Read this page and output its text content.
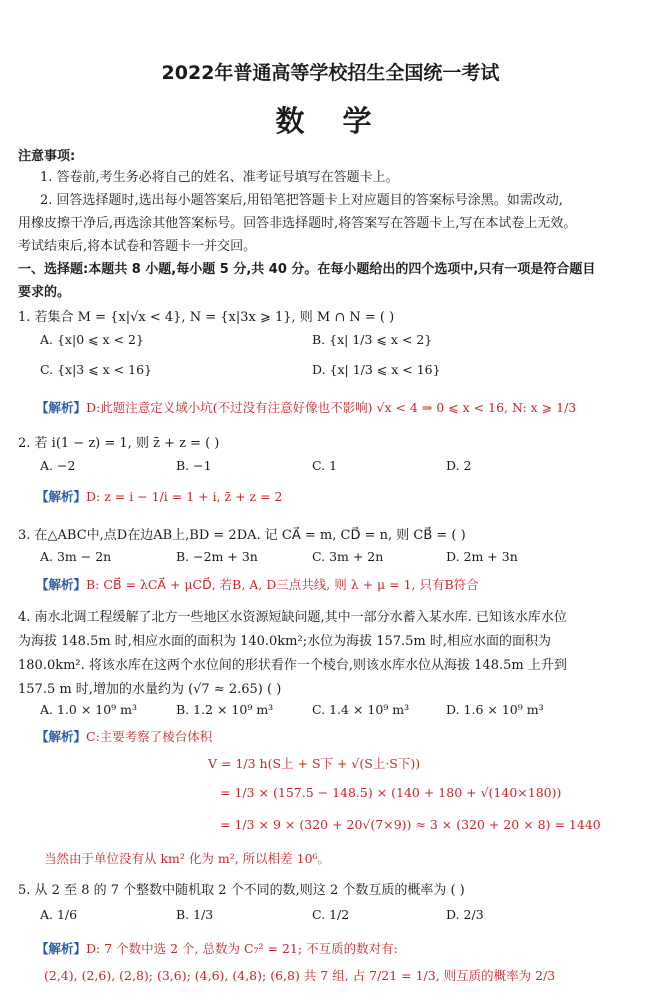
2022年普通高等学校招生全国统一考试
数 学
注意事项:
1. 答卷前,考生务必将自己的姓名、准考证号填写在答题卡上。
2. 回答选择题时,选出每小题答案后,用铅笔把答题卡上对应题目的答案标号涂黑。如需改动,
用橡皮擦干净后,再选涂其他答案标号。回答非选择题时,将答案写在答题卡上,写在本试卷上无效。
考试结束后,将本试卷和答题卡一并交回。
一、选择题:本题共 8 小题,每小题 5 分,共 40 分。在每小题给出的四个选项中,只有一项是符合题目
要求的。
1. 若集合 M = {x|√x < 4}, N = {x|3x ⩾ 1}, 则 M ∩ N = ( )
A. {x|0 ⩽ x < 2}	B. {x| 1/3 ⩽ x < 2}
C. {x|3 ⩽ x < 16}	D. {x| 1/3 ⩽ x < 16}
【解析】D:此题注意定义域小坑(不过没有注意好像也不影响) √x < 4 ⇒ 0 ⩽ x < 16, N: x ⩾ 1/3
2. 若 i(1 − z) = 1, 则 z̄ + z = ( )
A. −2	B. −1	C. 1	D. 2
【解析】D: z = i − 1/i = 1 + i, z̄ + z = 2
3. 在△ABC中,点D在边AB上,BD = 2DA. 记 CA⃗ = m, CD⃗ = n, 则 CB⃗ = ( )
A. 3m − 2n	B. −2m + 3n	C. 3m + 2n	D. 2m + 3n
【解析】B: CB⃗ = λCA⃗ + μCD⃗, 若B, A, D三点共线, 则 λ + μ = 1, 只有B符合
4. 南水北调工程缓解了北方一些地区水资源短缺问题,其中一部分水蓄入某水库. 已知该水库水位
为海拔 148.5m 时,相应水面的面积为 140.0km²;水位为海拔 157.5m 时,相应水面的面积为
180.0km². 将该水库在这两个水位间的形状看作一个棱台,则该水库水位从海拔 148.5m 上升到
157.5 m 时,增加的水量约为 (√7 ≈ 2.65) ( )
A. 1.0 × 10⁹ m³	B. 1.2 × 10⁹ m³	C. 1.4 × 10⁹ m³	D. 1.6 × 10⁹ m³
【解析】C:主要考察了棱台体积
V = 1/3 h(S上 + S下 + √(S上·S下))
= 1/3 × (157.5 − 148.5) × (140 + 180 + √(140×180))
= 1/3 × 9 × (320 + 20√(7×9)) ≈ 3 × (320 + 20 × 8) = 1440
当然由于单位没有从 km² 化为 m², 所以相差 10⁶。
5. 从 2 至 8 的 7 个整数中随机取 2 个不同的数,则这 2 个数互质的概率为 ( )
A. 1/6	B. 1/3	C. 1/2	D. 2/3
【解析】D: 7 个数中选 2 个, 总数为 C₇² = 21; 不互质的数对有:
(2,4), (2,6), (2,8); (3,6); (4,6), (4,8); (6,8) 共 7 组, 占 7/21 = 1/3, 则互质的概率为 2/3
